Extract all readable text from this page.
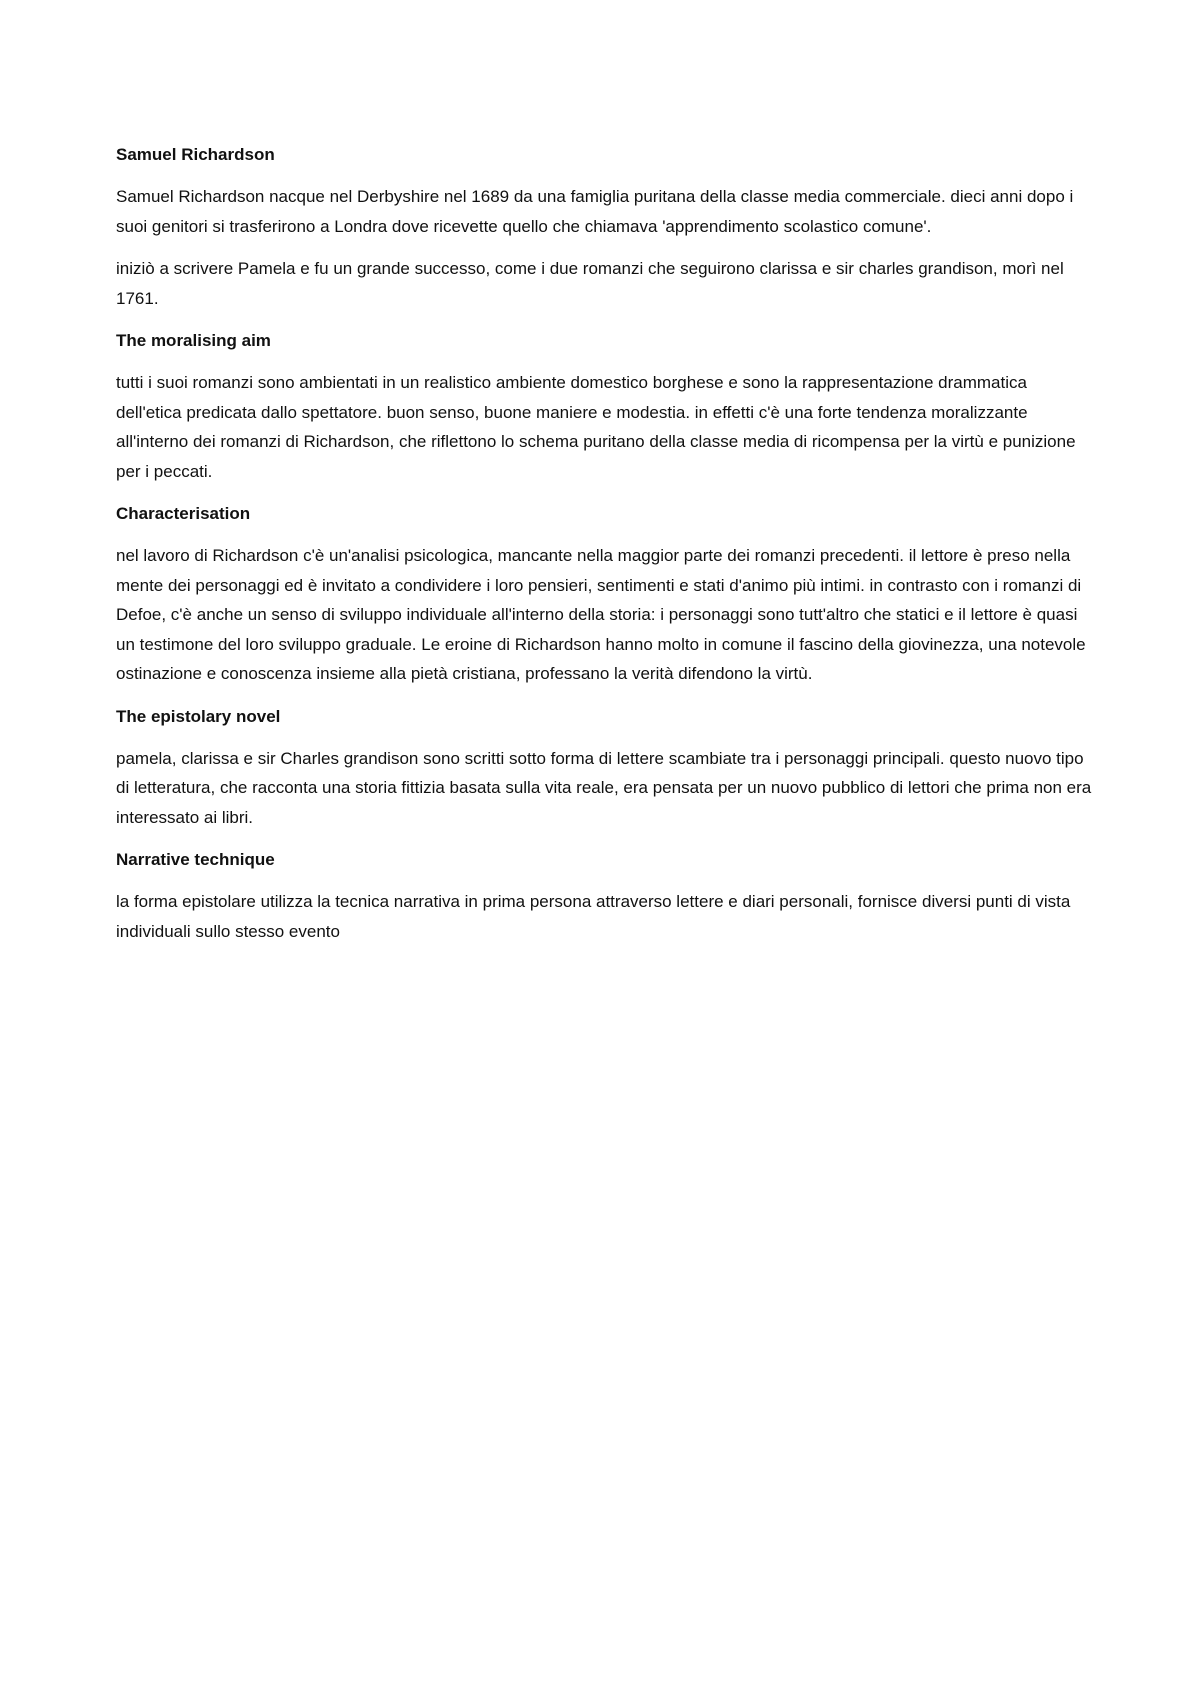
Samuel Richardson

Samuel Richardson nacque nel Derbyshire nel 1689 da una famiglia puritana della classe media commerciale. dieci anni dopo i suoi genitori si trasferirono a Londra dove ricevette quello che chiamava 'apprendimento scolastico comune'.

iniziò a scrivere Pamela e fu un grande successo, come i due romanzi che seguirono clarissa e sir charles grandison, morì nel 1761.

The moralising aim

tutti i suoi romanzi sono ambientati in un realistico ambiente domestico borghese e sono la rappresentazione drammatica dell'etica predicata dallo spettatore. buon senso, buone maniere e modestia. in effetti c'è una forte tendenza moralizzante all'interno dei romanzi di Richardson, che riflettono lo schema puritano della classe media di ricompensa per la virtù e punizione per i peccati.

Characterisation

nel lavoro di Richardson c'è un'analisi psicologica, mancante nella maggior parte dei romanzi precedenti. il lettore è preso nella mente dei personaggi ed è invitato a condividere i loro pensieri, sentimenti e stati d'animo più intimi. in contrasto con i romanzi di Defoe, c'è anche un senso di sviluppo individuale all'interno della storia: i personaggi sono tutt'altro che statici e il lettore è quasi un testimone del loro sviluppo graduale. Le eroine di Richardson hanno molto in comune il fascino della giovinezza, una notevole ostinazione e conoscenza insieme alla pietà cristiana, professano la verità difendono la virtù.

The epistolary novel

pamela, clarissa e sir Charles grandison sono scritti sotto forma di lettere scambiate tra i personaggi principali. questo nuovo tipo di letteratura, che racconta una storia fittizia basata sulla vita reale, era pensata per un nuovo pubblico di lettori che prima non era interessato ai libri.

Narrative technique

la forma epistolare utilizza la tecnica narrativa in prima persona attraverso lettere e diari personali, fornisce diversi punti di vista individuali sullo stesso evento
